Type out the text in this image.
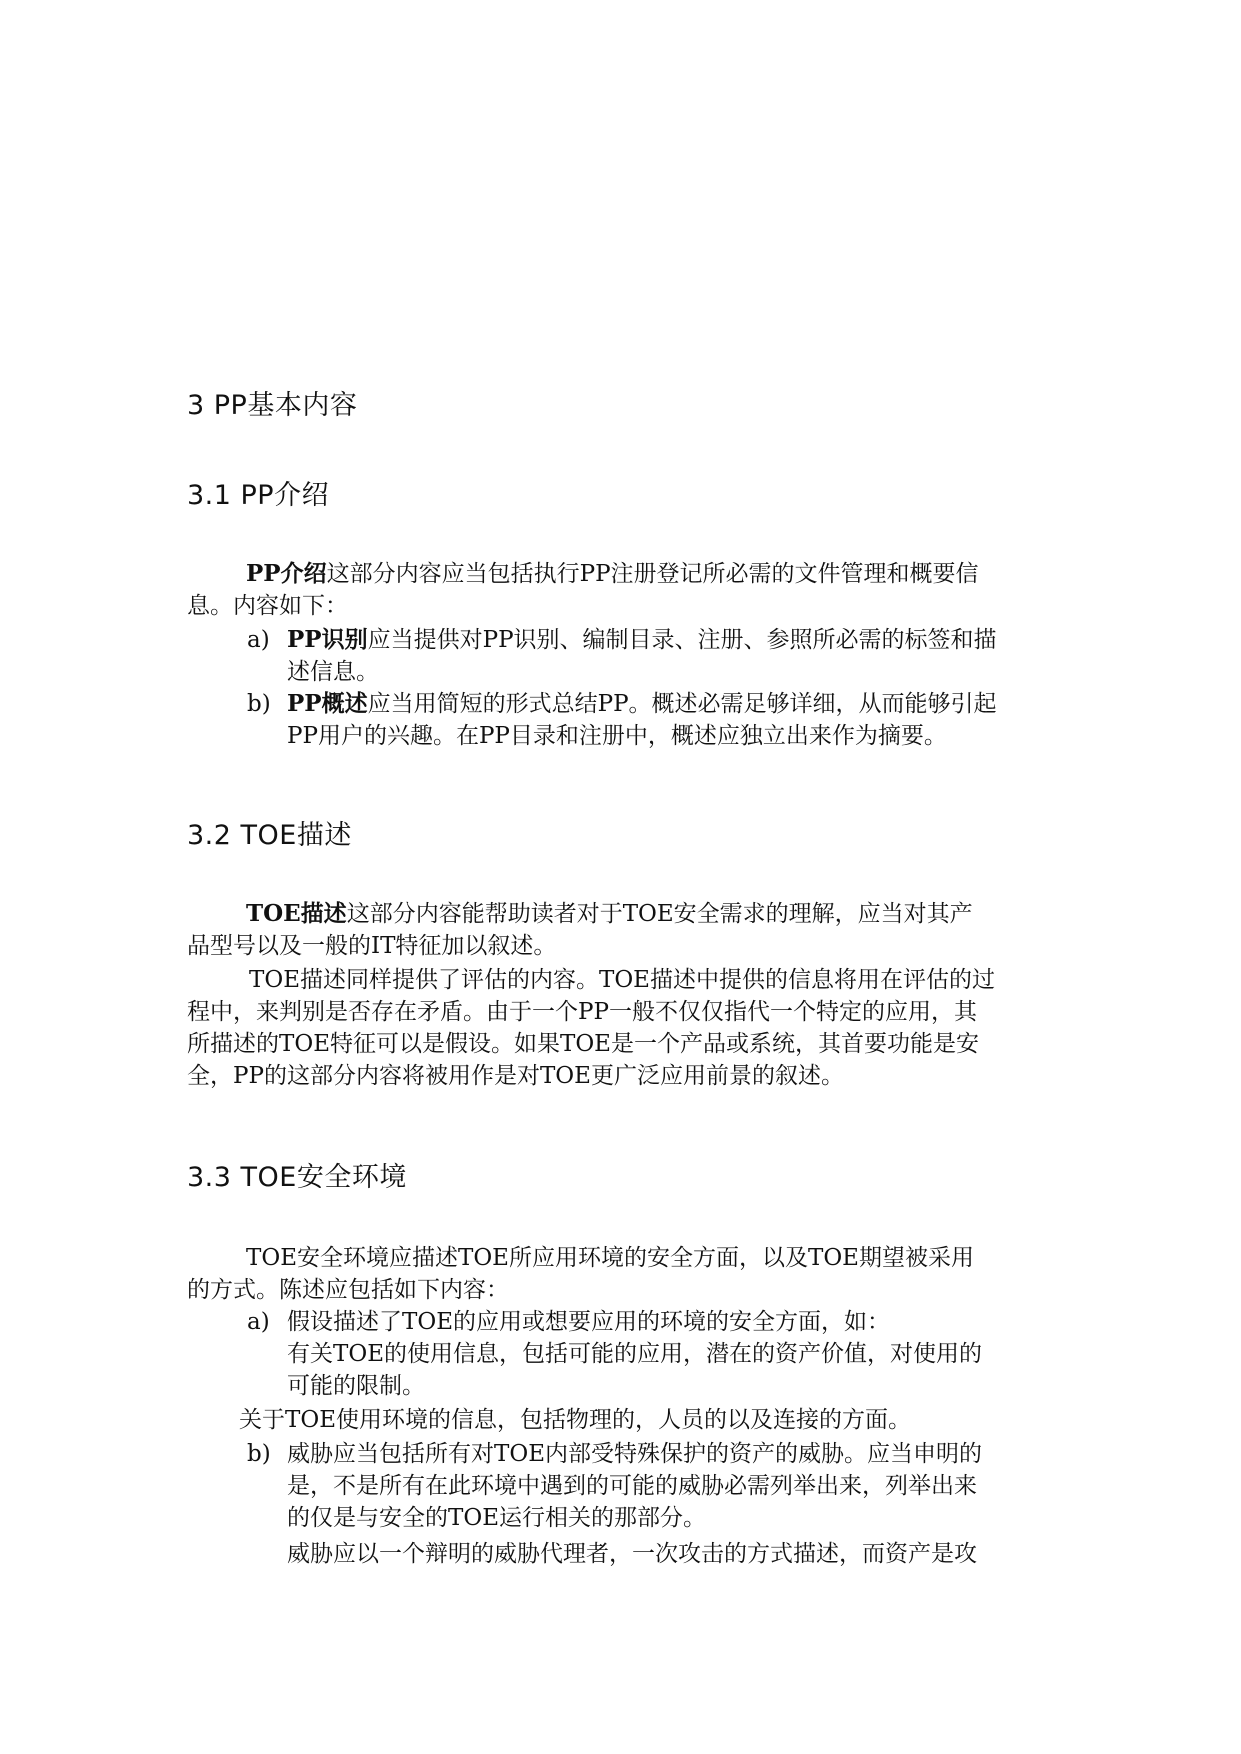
3 PP基本内容
3.1 PP介绍

PP介绍这部分内容应当包括执行PP注册登记所必需的文件管理和概要信

息。内容如下：

a) PP识别应当提供对PP识别、编制目录、注册、参照所必需的标签和描

述信息。

b) PP概述应当用简短的形式总结PP。概述必需足够详细，从而能够引起

PP用户的兴趣。在PP目录和注册中，概述应独立出来作为摘要。

3.2 TOE描述

TOE描述这部分内容能帮助读者对于TOE安全需求的理解，应当对其产

品型号以及一般的IT特征加以叙述。

TOE描述同样提供了评估的内容。TOE描述中提供的信息将用在评估的过

程中，来判别是否存在矛盾。由于一个PP一般不仅仅指代一个特定的应用，其

所描述的TOE特征可以是假设。如果TOE是一个产品或系统，其首要功能是安

全，PP的这部分内容将被用作是对TOE更广泛应用前景的叙述。

3.3 TOE安全环境

TOE安全环境应描述TOE所应用环境的安全方面，以及TOE期望被采用

的方式。陈述应包括如下内容：

a) 假设描述了TOE的应用或想要应用的环境的安全方面，如：

有关TOE的使用信息，包括可能的应用，潜在的资产价值，对使用的

可能的限制。

关于TOE使用环境的信息，包括物理的，人员的以及连接的方面。

b) 威胁应当包括所有对TOE内部受特殊保护的资产的威胁。应当申明的

是，不是所有在此环境中遇到的可能的威胁必需列举出来，列举出来

的仅是与安全的TOE运行相关的那部分。

威胁应以一个辩明的威胁代理者，一次攻击的方式描述，而资产是攻
